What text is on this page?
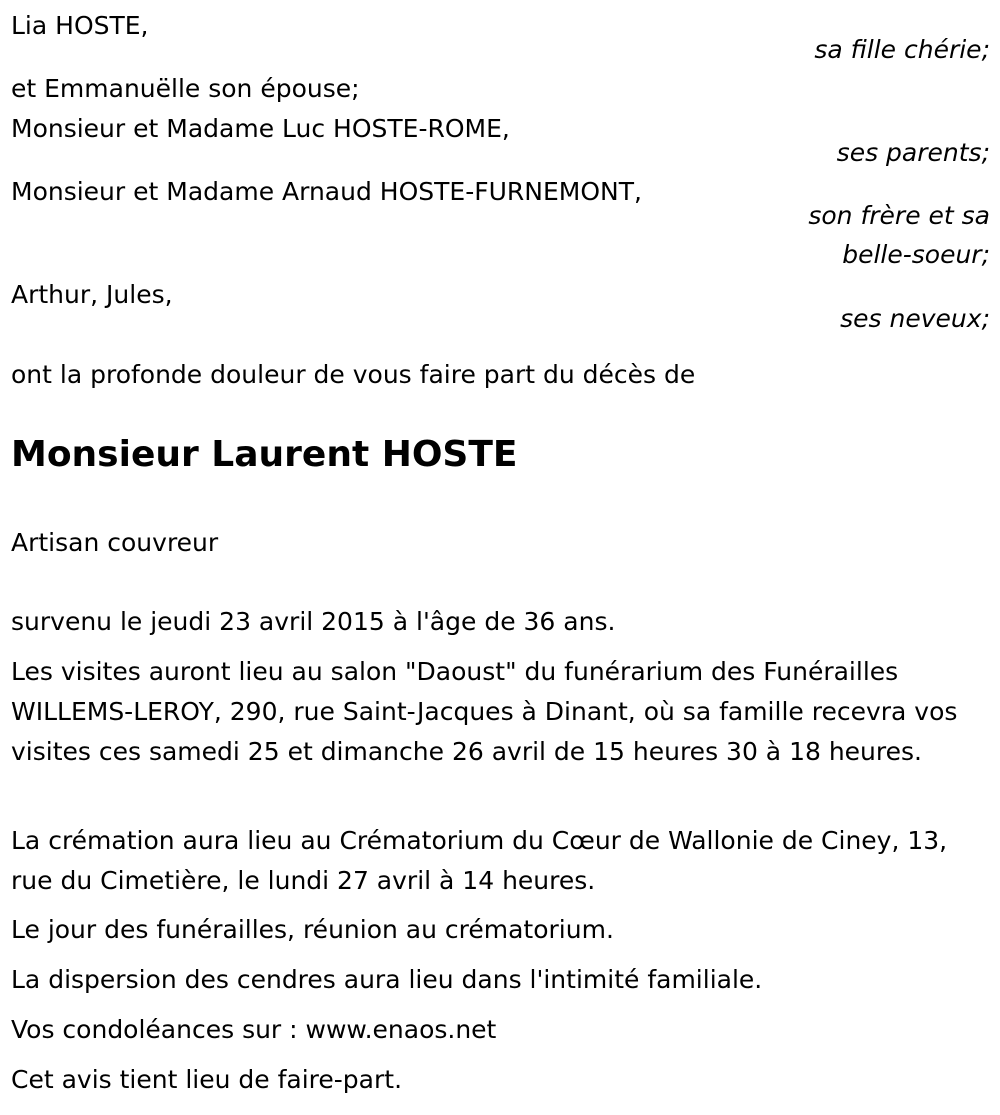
Lia HOSTE,
sa fille chérie;
et Emmanuëlle son épouse;
Monsieur et Madame Luc HOSTE-ROME,
ses parents;
Monsieur et Madame Arnaud HOSTE-FURNEMONT,
son frère et sa
belle-soeur;
Arthur, Jules,
ses neveux;
ont la profonde douleur de vous faire part du décès de
Monsieur Laurent HOSTE
Artisan couvreur
survenu le jeudi 23 avril 2015 à l'âge de 36 ans.
Les visites auront lieu au salon "Daoust" du funérarium des Funérailles WILLEMS-LEROY, 290, rue Saint-Jacques à Dinant, où sa famille recevra vos visites ces samedi 25 et dimanche 26 avril de 15 heures 30 à 18 heures.
La crémation aura lieu au Crématorium du Cœur de Wallonie de Ciney, 13, rue du Cimetière, le lundi 27 avril à 14 heures.
Le jour des funérailles, réunion au crématorium.
La dispersion des cendres aura lieu dans l'intimité familiale.
Vos condoléances sur : www.enaos.net
Cet avis tient lieu de faire-part.
